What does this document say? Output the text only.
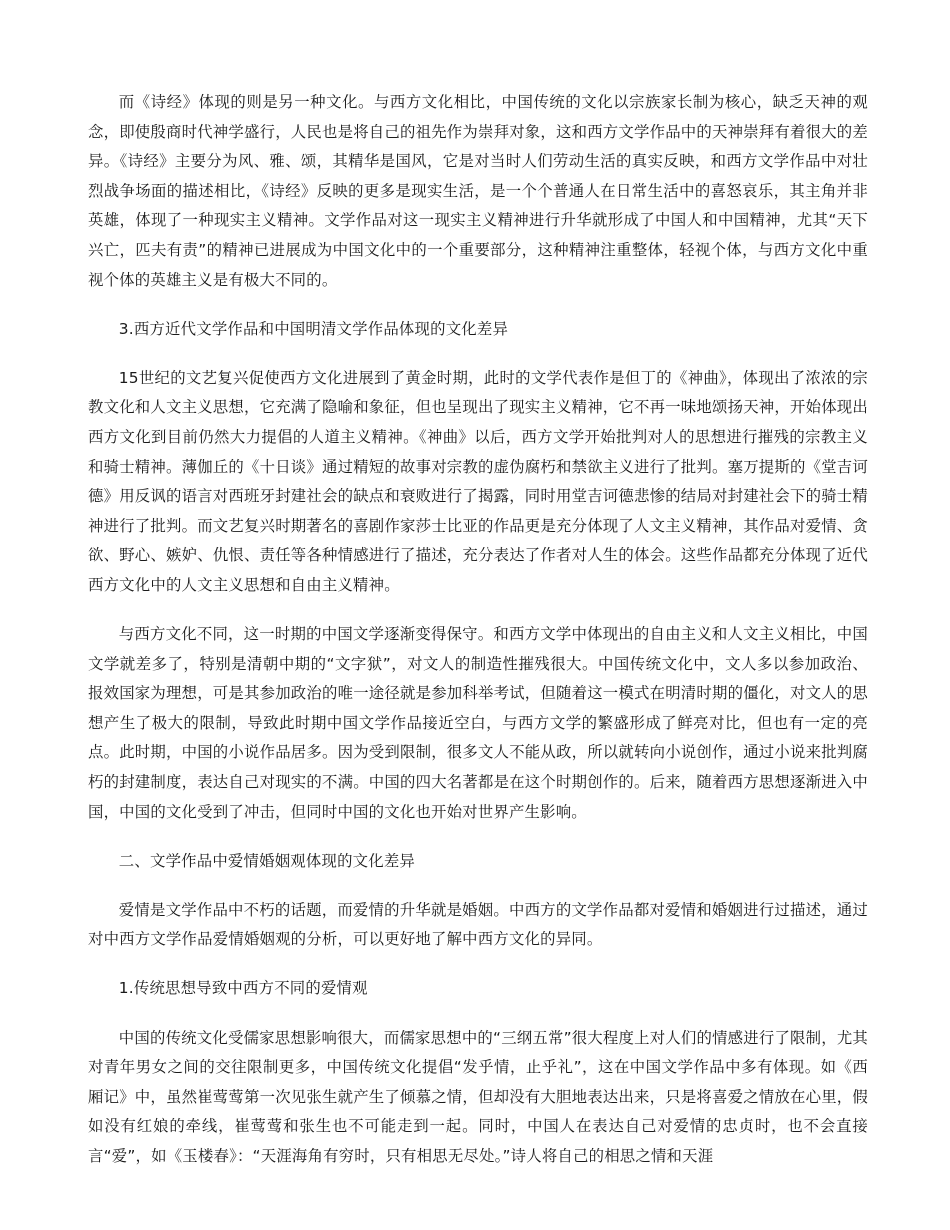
而《诗经》体现的则是另一种文化。与西方文化相比，中国传统的文化以宗族家长制为核心，缺乏天神的观念，即使殷商时代神学盛行，人民也是将自己的祖先作为崇拜对象，这和西方文学作品中的天神崇拜有着很大的差异。《诗经》主要分为风、雅、颂，其精华是国风，它是对当时人们劳动生活的真实反映，和西方文学作品中对壮烈战争场面的描述相比，《诗经》反映的更多是现实生活，是一个个普通人在日常生活中的喜怒哀乐，其主角并非英雄，体现了一种现实主义精神。文学作品对这一现实主义精神进行升华就形成了中国人和中国精神，尤其“天下兴亡，匹夫有责”的精神已进展成为中国文化中的一个重要部分，这种精神注重整体，轻视个体，与西方文化中重视个体的英雄主义是有极大不同的。

3.西方近代文学作品和中国明清文学作品体现的文化差异

15世纪的文艺复兴促使西方文化进展到了黄金时期，此时的文学代表作是但丁的《神曲》，体现出了浓浓的宗教文化和人文主义思想，它充满了隐喻和象征，但也呈现出了现实主义精神，它不再一味地颂扬天神，开始体现出西方文化到目前仍然大力提倡的人道主义精神。《神曲》以后，西方文学开始批判对人的思想进行摧残的宗教主义和骑士精神。薄伽丘的《十日谈》通过精短的故事对宗教的虚伪腐朽和禁欲主义进行了批判。塞万提斯的《堂吉诃德》用反讽的语言对西班牙封建社会的缺点和衰败进行了揭露，同时用堂吉诃德悲惨的结局对封建社会下的骑士精神进行了批判。而文艺复兴时期著名的喜剧作家莎士比亚的作品更是充分体现了人文主义精神，其作品对爱情、贪欲、野心、嫉妒、仇恨、责任等各种情感进行了描述，充分表达了作者对人生的体会。这些作品都充分体现了近代西方文化中的人文主义思想和自由主义精神。

与西方文化不同，这一时期的中国文学逐渐变得保守。和西方文学中体现出的自由主义和人文主义相比，中国文学就差多了，特别是清朝中期的“文字狱”，对文人的制造性摧残很大。中国传统文化中，文人多以参加政治、报效国家为理想，可是其参加政治的唯一途径就是参加科举考试，但随着这一模式在明清时期的僵化，对文人的思想产生了极大的限制，导致此时期中国文学作品接近空白，与西方文学的繁盛形成了鲜亮对比，但也有一定的亮点。此时期，中国的小说作品居多。因为受到限制，很多文人不能从政，所以就转向小说创作，通过小说来批判腐朽的封建制度，表达自己对现实的不满。中国的四大名著都是在这个时期创作的。后来，随着西方思想逐渐进入中国，中国的文化受到了冲击，但同时中国的文化也开始对世界产生影响。

二、文学作品中爱情婚姻观体现的文化差异

爱情是文学作品中不朽的话题，而爱情的升华就是婚姻。中西方的文学作品都对爱情和婚姻进行过描述，通过对中西方文学作品爱情婚姻观的分析，可以更好地了解中西方文化的异同。

1.传统思想导致中西方不同的爱情观

中国的传统文化受儒家思想影响很大，而儒家思想中的“三纲五常”很大程度上对人们的情感进行了限制，尤其对青年男女之间的交往限制更多，中国传统文化提倡“发乎情，止乎礼”，这在中国文学作品中多有体现。如《西厢记》中，虽然崔莺莺第一次见张生就产生了倾慕之情，但却没有大胆地表达出来，只是将喜爱之情放在心里，假如没有红娘的牵线，崔莺莺和张生也不可能走到一起。同时，中国人在表达自己对爱情的忠贞时，也不会直接言“爱”，如《玉楼春》：“天涯海角有穷时，只有相思无尽处。”诗人将自己的相思之情和天涯
